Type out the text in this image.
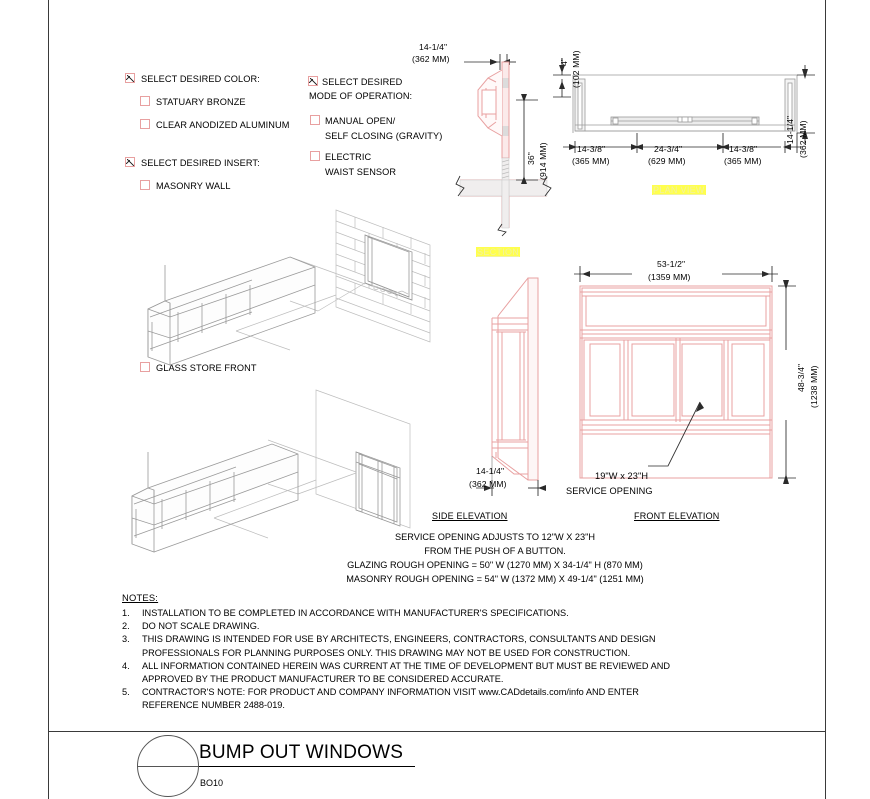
SELECT DESIRED COLOR:
STATUARY BRONZE
CLEAR ANODIZED ALUMINUM
SELECT DESIRED INSERT:
MASONRY WALL
GLASS STORE FRONT
SELECT DESIRED
MODE OF OPERATION:
MANUAL OPEN/
SELF CLOSING (GRAVITY)
ELECTRIC
WAIST SENSOR
14-1/4"
(362 MM)
36" (914 MM)
SECTION
4" (102 MM)
14-3/8"
(365 MM)
24-3/4"
(629 MM)
14-3/8"
(365 MM)
14-1/4" (362 MM)
PLAN VIEW
14-1/4"
(362 MM)
SIDE ELEVATION
53-1/2"
(1359 MM)
48-3/4" (1238 MM)
19"W x 23"H
SERVICE OPENING
FRONT ELEVATION
SERVICE OPENING ADJUSTS TO 12"W X 23"H
FROM THE PUSH OF A BUTTON.
GLAZING ROUGH OPENING = 50" W (1270 MM) X 34-1/4" H (870 MM)
MASONRY ROUGH OPENING = 54" W (1372 MM) X 49-1/4" (1251 MM)
NOTES:
1. INSTALLATION TO BE COMPLETED IN ACCORDANCE WITH MANUFACTURER'S SPECIFICATIONS.
2. DO NOT SCALE DRAWING.
3. THIS DRAWING IS INTENDED FOR USE BY ARCHITECTS, ENGINEERS, CONTRACTORS, CONSULTANTS AND DESIGN
PROFESSIONALS FOR PLANNING PURPOSES ONLY. THIS DRAWING MAY NOT BE USED FOR CONSTRUCTION.
4. ALL INFORMATION CONTAINED HEREIN WAS CURRENT AT THE TIME OF DEVELOPMENT BUT MUST BE REVIEWED AND
APPROVED BY THE PRODUCT MANUFACTURER TO BE CONSIDERED ACCURATE.
5. CONTRACTOR'S NOTE: FOR PRODUCT AND COMPANY INFORMATION VISIT www.CADdetails.com/info AND ENTER
REFERENCE NUMBER 2488-019.
BUMP OUT WINDOWS
BO10
